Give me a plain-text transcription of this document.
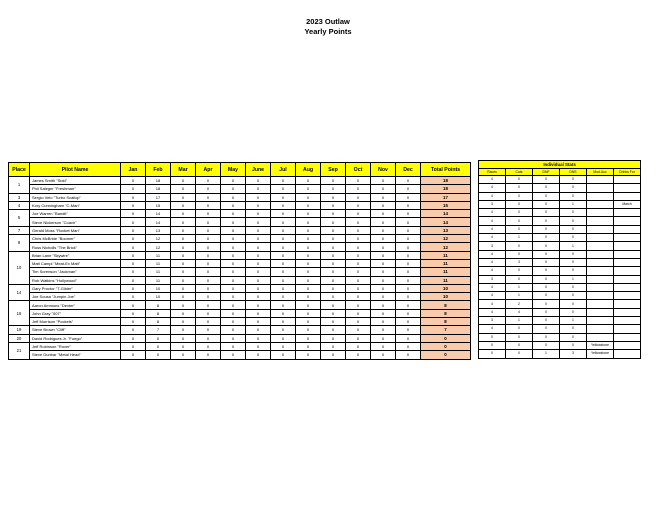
2023 Outlaw
Yearly Points
Place	Pilot Name	Jan	Feb	Mar	Apr	May	June	Jul	Aug	Sep	Oct	Nov	Dec	Total Points
1	James Smith "Sidd"	0	18	0	0	0	0	0	0	0	0	0	0	18
	Phil Saleger "Freshman"	0	18	0	0	0	0	0	0	0	0	0	0	18
3	Sergio Velo "Turbo Scallop"	0	17	0	0	0	0	0	0	0	0	0	0	17
4	Kory Cunningham "C-Man"	0	15	0	0	0	0	0	0	0	0	0	0	15
5	Joe Warren "Bandit"	0	14	0	0	0	0	0	0	0	0	0	0	14
	Steve Nickerson "Coach"	0	14	0	0	0	0	0	0	0	0	0	0	14
7	Gerald Moss "Rocket Man"	0	13	0	0	0	0	0	0	0	0	0	0	13
8	Chris McBride "Boomer"	0	12	0	0	0	0	0	0	0	0	0	0	12
	Russ Nicholls "The Brick"	0	12	0	0	0	0	0	0	0	0	0	0	12
10	Brian Lane "Skywire"	0	11	0	0	0	0	0	0	0	0	0	0	11
	Matt Campi "Meat-Ex Matt"	0	11	0	0	0	0	0	0	0	0	0	0	11
	Tim Sorenson "Jackman"	0	11	0	0	0	0	0	0	0	0	0	0	11
	Rob Watkins "Hollywood"	0	11	0	0	0	0	0	0	0	0	0	0	11
14	Gary Proctor "T-Glider"	0	10	0	0	0	0	0	0	0	0	0	0	10
	Joe Sousa "Jumpin Joe"	0	10	0	0	0	0	0	0	0	0	0	0	10
16	Aaron Ammons "Dexter"	0	8	0	0	0	0	0	0	0	0	0	0	8
	John Gray "007"	0	8	0	0	0	0	0	0	0	0	0	0	8
	Jeff Morrison "Pockets"	0	8	0	0	0	0	0	0	0	0	0	0	8
19	Steve Brown "Cliff"	0	7	0	0	0	0	0	0	0	0	0	0	7
20	David Rodrigues Jr. "Fuego"	0	0	0	0	0	0	0	0	0	0	0	0	0
21	Jeff Robinson "Rover"	0	0	0	0	0	0	0	0	0	0	0	0	0
	Steve Dunbar "Metal Head"	0	0	0	0	0	0	0	0	0	0	0	0	0
Individual Stats					
Races	Cuts	DNF	DNS	Mod.Acc	Drinks For
4	0	0	0		
4	0	0	0		
4	0	0	0		
3	0	0	1		March
4	0	0	0		
4	0	0	0		
4	0	0	0		
4	1	0	0		
3	0	0	1		
4	0	0	0		
4	3	0	0		
4	0	0	0		
3	0	0	1		
4	1	0	0		
4	1	0	0		
4	2	0	0		
4	4	0	0		
3	1	0	1		
4	0	0	0		
0	0	0	0		
0	0	0	0	Yellowstone	
0	0	1	3	Yellowstone	
